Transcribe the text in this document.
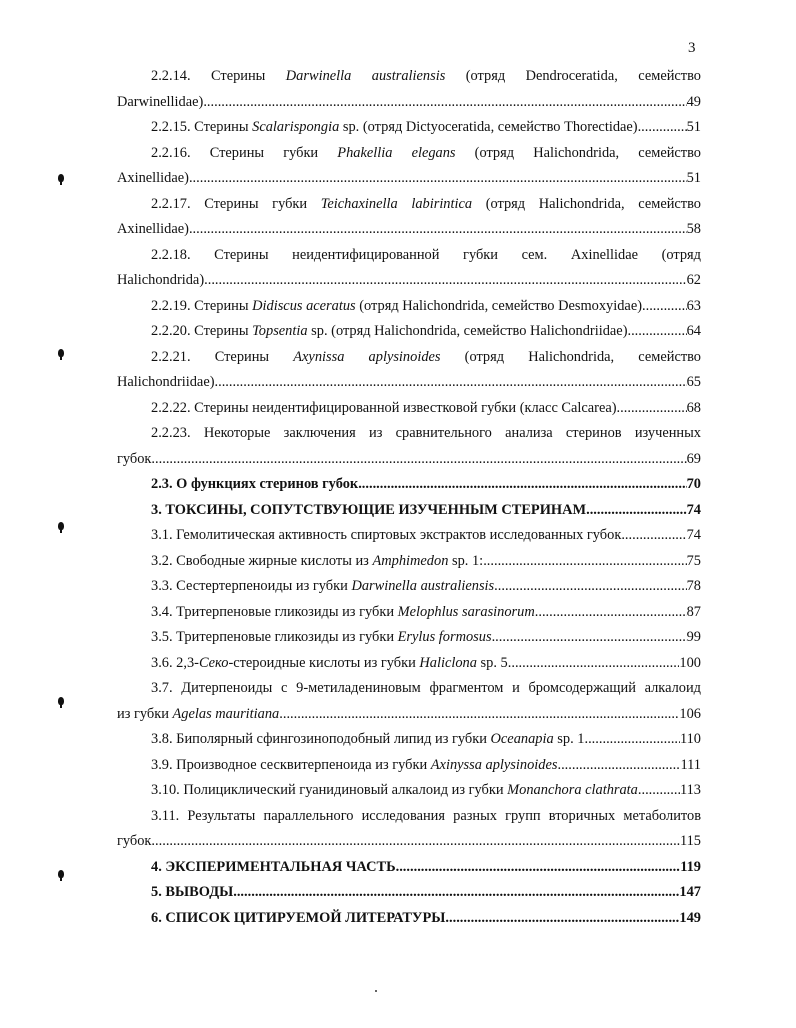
3
2.2.14. Стерины Darwinella australiensis (отряд Dendroceratida, семейство
Darwinellidae) .....	49
2.2.15. Стерины Scalarispongia sp. (отряд Dictyoceratida, семейство Thorectidae) .....	51
2.2.16. Стерины губки Phakellia elegans (отряд Halichondrida, семейство
Axinellidae) .....	51
2.2.17. Стерины губки Teichaxinella labirintica (отряд Halichondrida, семейство
Axinellidae) .....	58
2.2.18. Стерины неидентифицированной губки сем. Axinellidae (отряд
Halichondrida) .....	62
2.2.19. Стерины Didiscus aceratus (отряд Halichondrida, семейство Desmoxyidae) .....	63
2.2.20. Стерины Topsentia sp. (отряд Halichondrida, семейство Halichondriidae) .....	64
2.2.21. Стерины Axynissa aplysinoides (отряд Halichondrida, семейство
Halichondriidae) .....	65
2.2.22. Стерины неидентифицированной известковой губки (класс Calcarea) .....	68
2.2.23. Некоторые заключения из сравнительного анализа стеринов изученных
губок .....	69
2.3. О функциях стеринов губок .....	70
3. ТОКСИНЫ, СОПУТСТВУЮЩИЕ ИЗУЧЕННЫМ СТЕРИНАМ .....	74
3.1. Гемолитическая активность спиртовых экстрактов исследованных губок .....	74
3.2. Свободные жирные кислоты из Amphimedon sp. 1: .....	75
3.3. Сестертерпеноиды из губки Darwinella australiensis .....	78
3.4. Тритерпеновые гликозиды из губки Melophlus sarasinorum .....	87
3.5. Тритерпеновые гликозиды из губки Erylus formosus .....	99
3.6. 2,3-Секо-стероидные кислоты из губки Haliclona sp. 5 .....	100
3.7. Дитерпеноиды с 9-метиладениновым фрагментом и бромсодержащий алкалоид
из губки Agelas mauritiana .....	106
3.8. Биполярный сфингозиноподобный липид из губки Oceanapia sp. 1 .....	110
3.9. Производное сесквитерпеноида из губки Axinyssa aplysinoides .....	111
3.10. Полициклический гуанидиновый алкалоид из губки Monanchora clathrata .....	113
3.11. Результаты параллельного исследования разных групп вторичных метаболитов
губок .....	115
4. ЭКСПЕРИМЕНТАЛЬНАЯ ЧАСТЬ .....	119
5. ВЫВОДЫ .....	147
6. СПИСОК ЦИТИРУЕМОЙ ЛИТЕРАТУРЫ .....	149
